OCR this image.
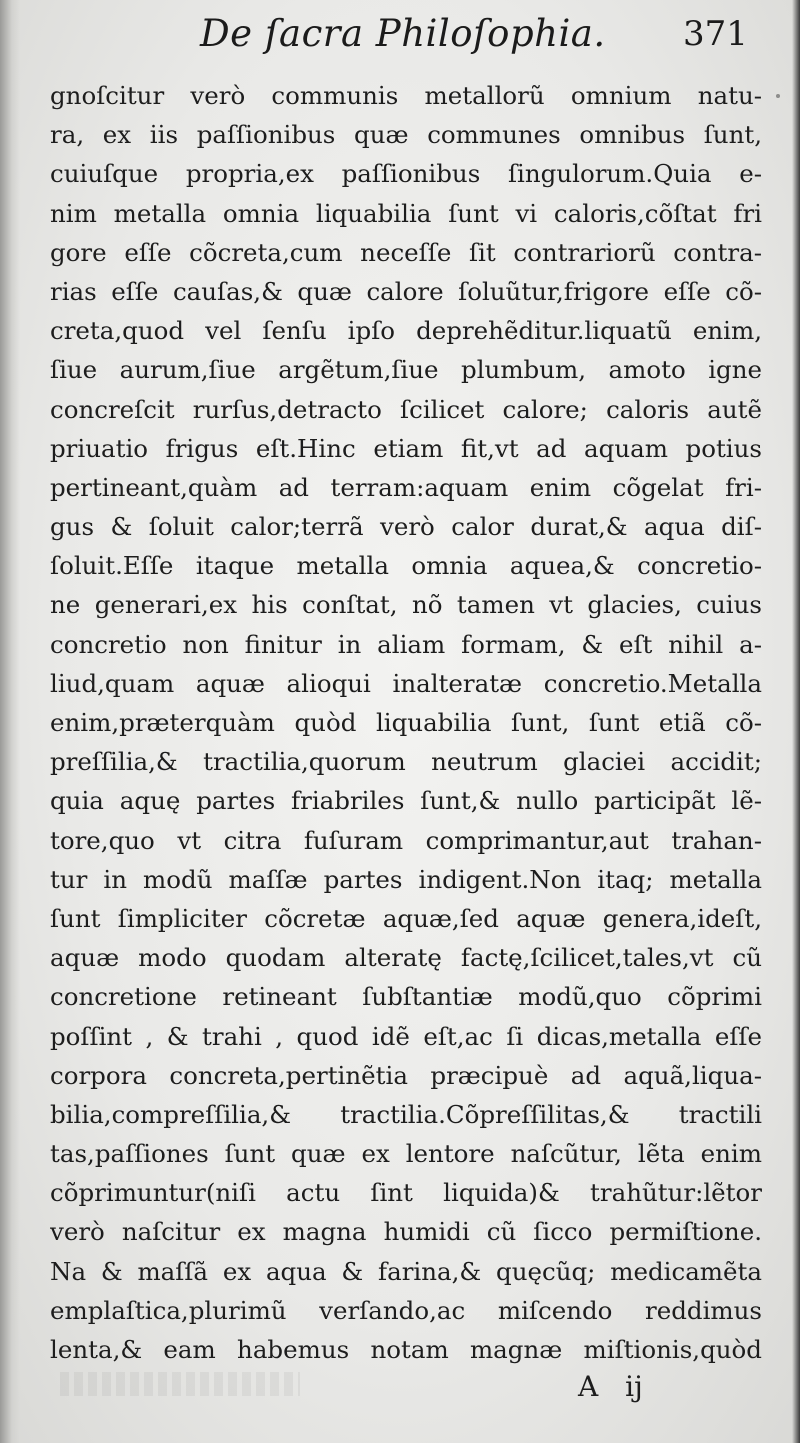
De ſacra Philoſophia. 371
gnoſcitur verò communis metallorũ omnium natu-
ra, ex iis paſſionibus quæ communes omnibus ſunt,
cuiuſque propria,ex paſſionibus ſingulorum.Quia e-
nim metalla omnia liquabilia ſunt vi caloris,cõſtat fri
gore eſſe cõcreta,cum neceſſe ſit contrariorũ contra-
rias eſſe cauſas,& quæ calore ſoluũtur,frigore eſſe cõ-
creta,quod vel ſenſu ipſo deprehẽditur.liquatũ enim,
ſiue aurum,ſiue argẽtum,ſiue plumbum, amoto igne
concreſcit rurſus,detracto ſcilicet calore; caloris autẽ
priuatio frigus eſt.Hinc etiam fit,vt ad aquam potius
pertineant,quàm ad terram:aquam enim cõgelat fri-
gus & ſoluit calor;terrã verò calor durat,& aqua diſ-
ſoluit.Eſſe itaque metalla omnia aquea,& concretio-
ne generari,ex his conſtat, nõ tamen vt glacies, cuius
concretio non finitur in aliam formam, & eſt nihil a-
liud,quam aquæ alioqui inalteratæ concretio.Metalla
enim,præterquàm quòd liquabilia ſunt, ſunt etiã cõ-
preſſilia,& tractilia,quorum neutrum glaciei accidit;
quia aquę partes friabriles ſunt,& nullo participãt lẽ-
tore,quo vt citra fuſuram comprimantur,aut trahan-
tur in modũ maſſæ partes indigent.Non itaq; metalla
ſunt ſimpliciter cõcretæ aquæ,ſed aquæ genera,ideſt,
aquæ modo quodam alteratę factę,ſcilicet,tales,vt cũ
concretione retineant ſubſtantiæ modũ,quo cõprimi
poſſint , & trahi , quod idẽ eſt,ac ſi dicas,metalla eſſe
corpora concreta,pertinẽtia præcipuè ad aquã,liqua-
bilia,compreſſilia,& tractilia.Cõpreſſilitas,& tractili
tas,paſſiones ſunt quæ ex lentore naſcũtur, lẽta enim
cõprimuntur(niſi actu ſint liquida)& trahũtur:lẽtor
verò naſcitur ex magna humidi cũ ſicco permiſtione.
Na & maſſã ex aqua & farina,& quęcũq; medicamẽta
emplaſtica,plurimũ verſando,ac miſcendo reddimus
lenta,& eam habemus notam magnæ miſtionis,quòd
A ij
